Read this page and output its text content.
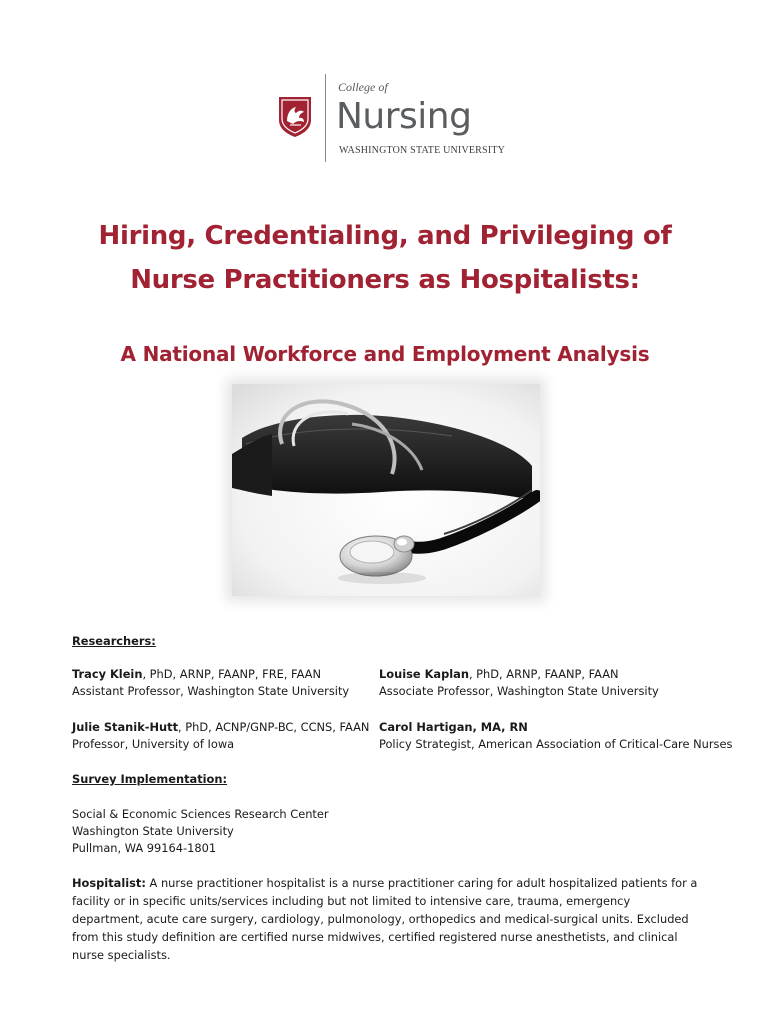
College of
Nursing
WASHINGTON STATE UNIVERSITY
Hiring, Credentialing, and Privileging of
Nurse Practitioners as Hospitalists:
A National Workforce and Employment Analysis

Researchers:

Tracy Klein, PhD, ARNP, FAANP, FRE, FAAN
Assistant Professor, Washington State University
Louise Kaplan, PhD, ARNP, FAANP, FAAN
Associate Professor, Washington State University
Julie Stanik-Hutt, PhD, ACNP/GNP-BC, CCNS, FAAN
Professor, University of Iowa
Carol Hartigan, MA, RN
Policy Strategist, American Association of Critical-Care Nurses

Survey Implementation:

Social & Economic Sciences Research Center
Washington State University
Pullman, WA 99164-1801

Hospitalist: A nurse practitioner hospitalist is a nurse practitioner caring for adult hospitalized patients for a facility or in specific units/services including but not limited to intensive care, trauma, emergency department, acute care surgery, cardiology, pulmonology, orthopedics and medical-surgical units. Excluded from this study definition are certified nurse midwives, certified registered nurse anesthetists, and clinical nurse specialists.
